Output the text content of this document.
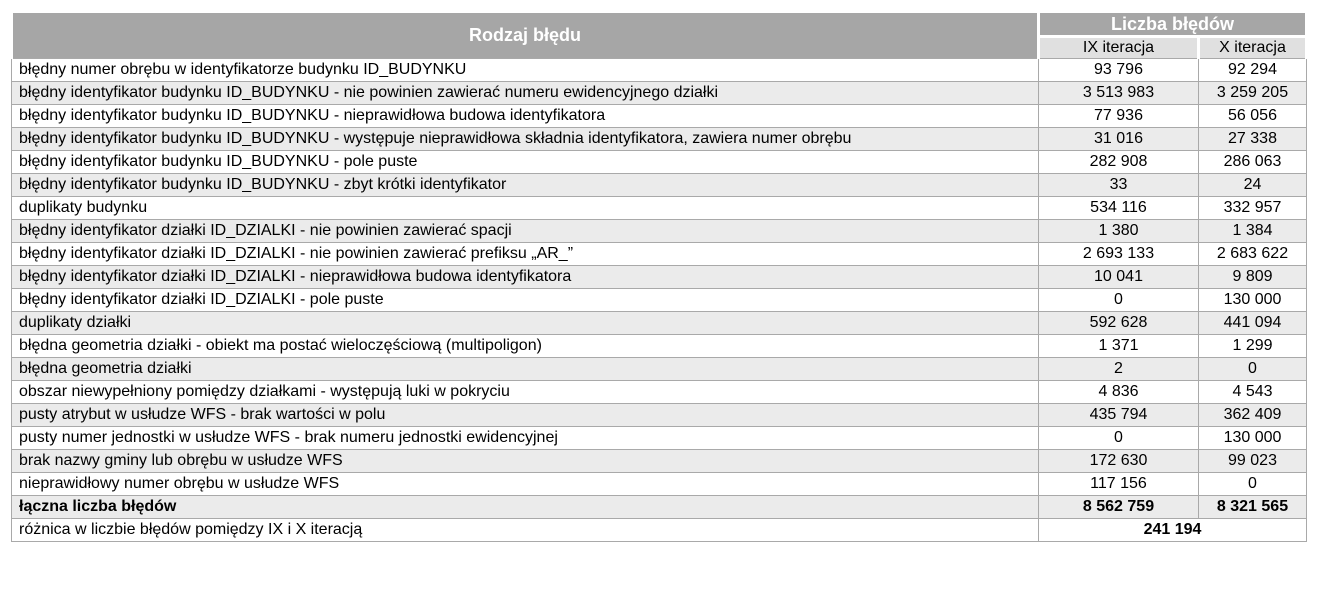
Rodzaj błędu	Liczba błędów	
	IX iteracja	X iteracja
błędny numer obrębu w identyfikatorze budynku ID_BUDYNKU	93 796	92 294
błędny identyfikator budynku ID_BUDYNKU - nie powinien zawierać numeru ewidencyjnego działki	3 513 983	3 259 205
błędny identyfikator budynku ID_BUDYNKU - nieprawidłowa budowa identyfikatora	77 936	56 056
błędny identyfikator budynku ID_BUDYNKU - występuje nieprawidłowa składnia identyfikatora, zawiera numer obrębu	31 016	27 338
błędny identyfikator budynku ID_BUDYNKU - pole puste	282 908	286 063
błędny identyfikator budynku ID_BUDYNKU - zbyt krótki identyfikator	33	24
duplikaty budynku	534 116	332 957
błędny identyfikator działki ID_DZIALKI - nie powinien zawierać spacji	1 380	1 384
błędny identyfikator działki ID_DZIALKI - nie powinien zawierać prefiksu „AR_”	2 693 133	2 683 622
błędny identyfikator działki ID_DZIALKI - nieprawidłowa budowa identyfikatora	10 041	9 809
błędny identyfikator działki ID_DZIALKI - pole puste	0	130 000
duplikaty działki	592 628	441 094
błędna geometria działki - obiekt ma postać wieloczęściową (multipoligon)	1 371	1 299
błędna geometria działki	2	0
obszar niewypełniony pomiędzy działkami - występują luki w pokryciu	4 836	4 543
pusty atrybut w usłudze WFS - brak wartości w polu	435 794	362 409
pusty numer jednostki w usłudze WFS - brak numeru jednostki ewidencyjnej	0	130 000
brak nazwy gminy lub obrębu w usłudze WFS	172 630	99 023
nieprawidłowy numer obrębu w usłudze WFS	117 156	0
łączna liczba błędów	8 562 759	8 321 565
różnica w liczbie błędów pomiędzy IX i X iteracją	241 194	
